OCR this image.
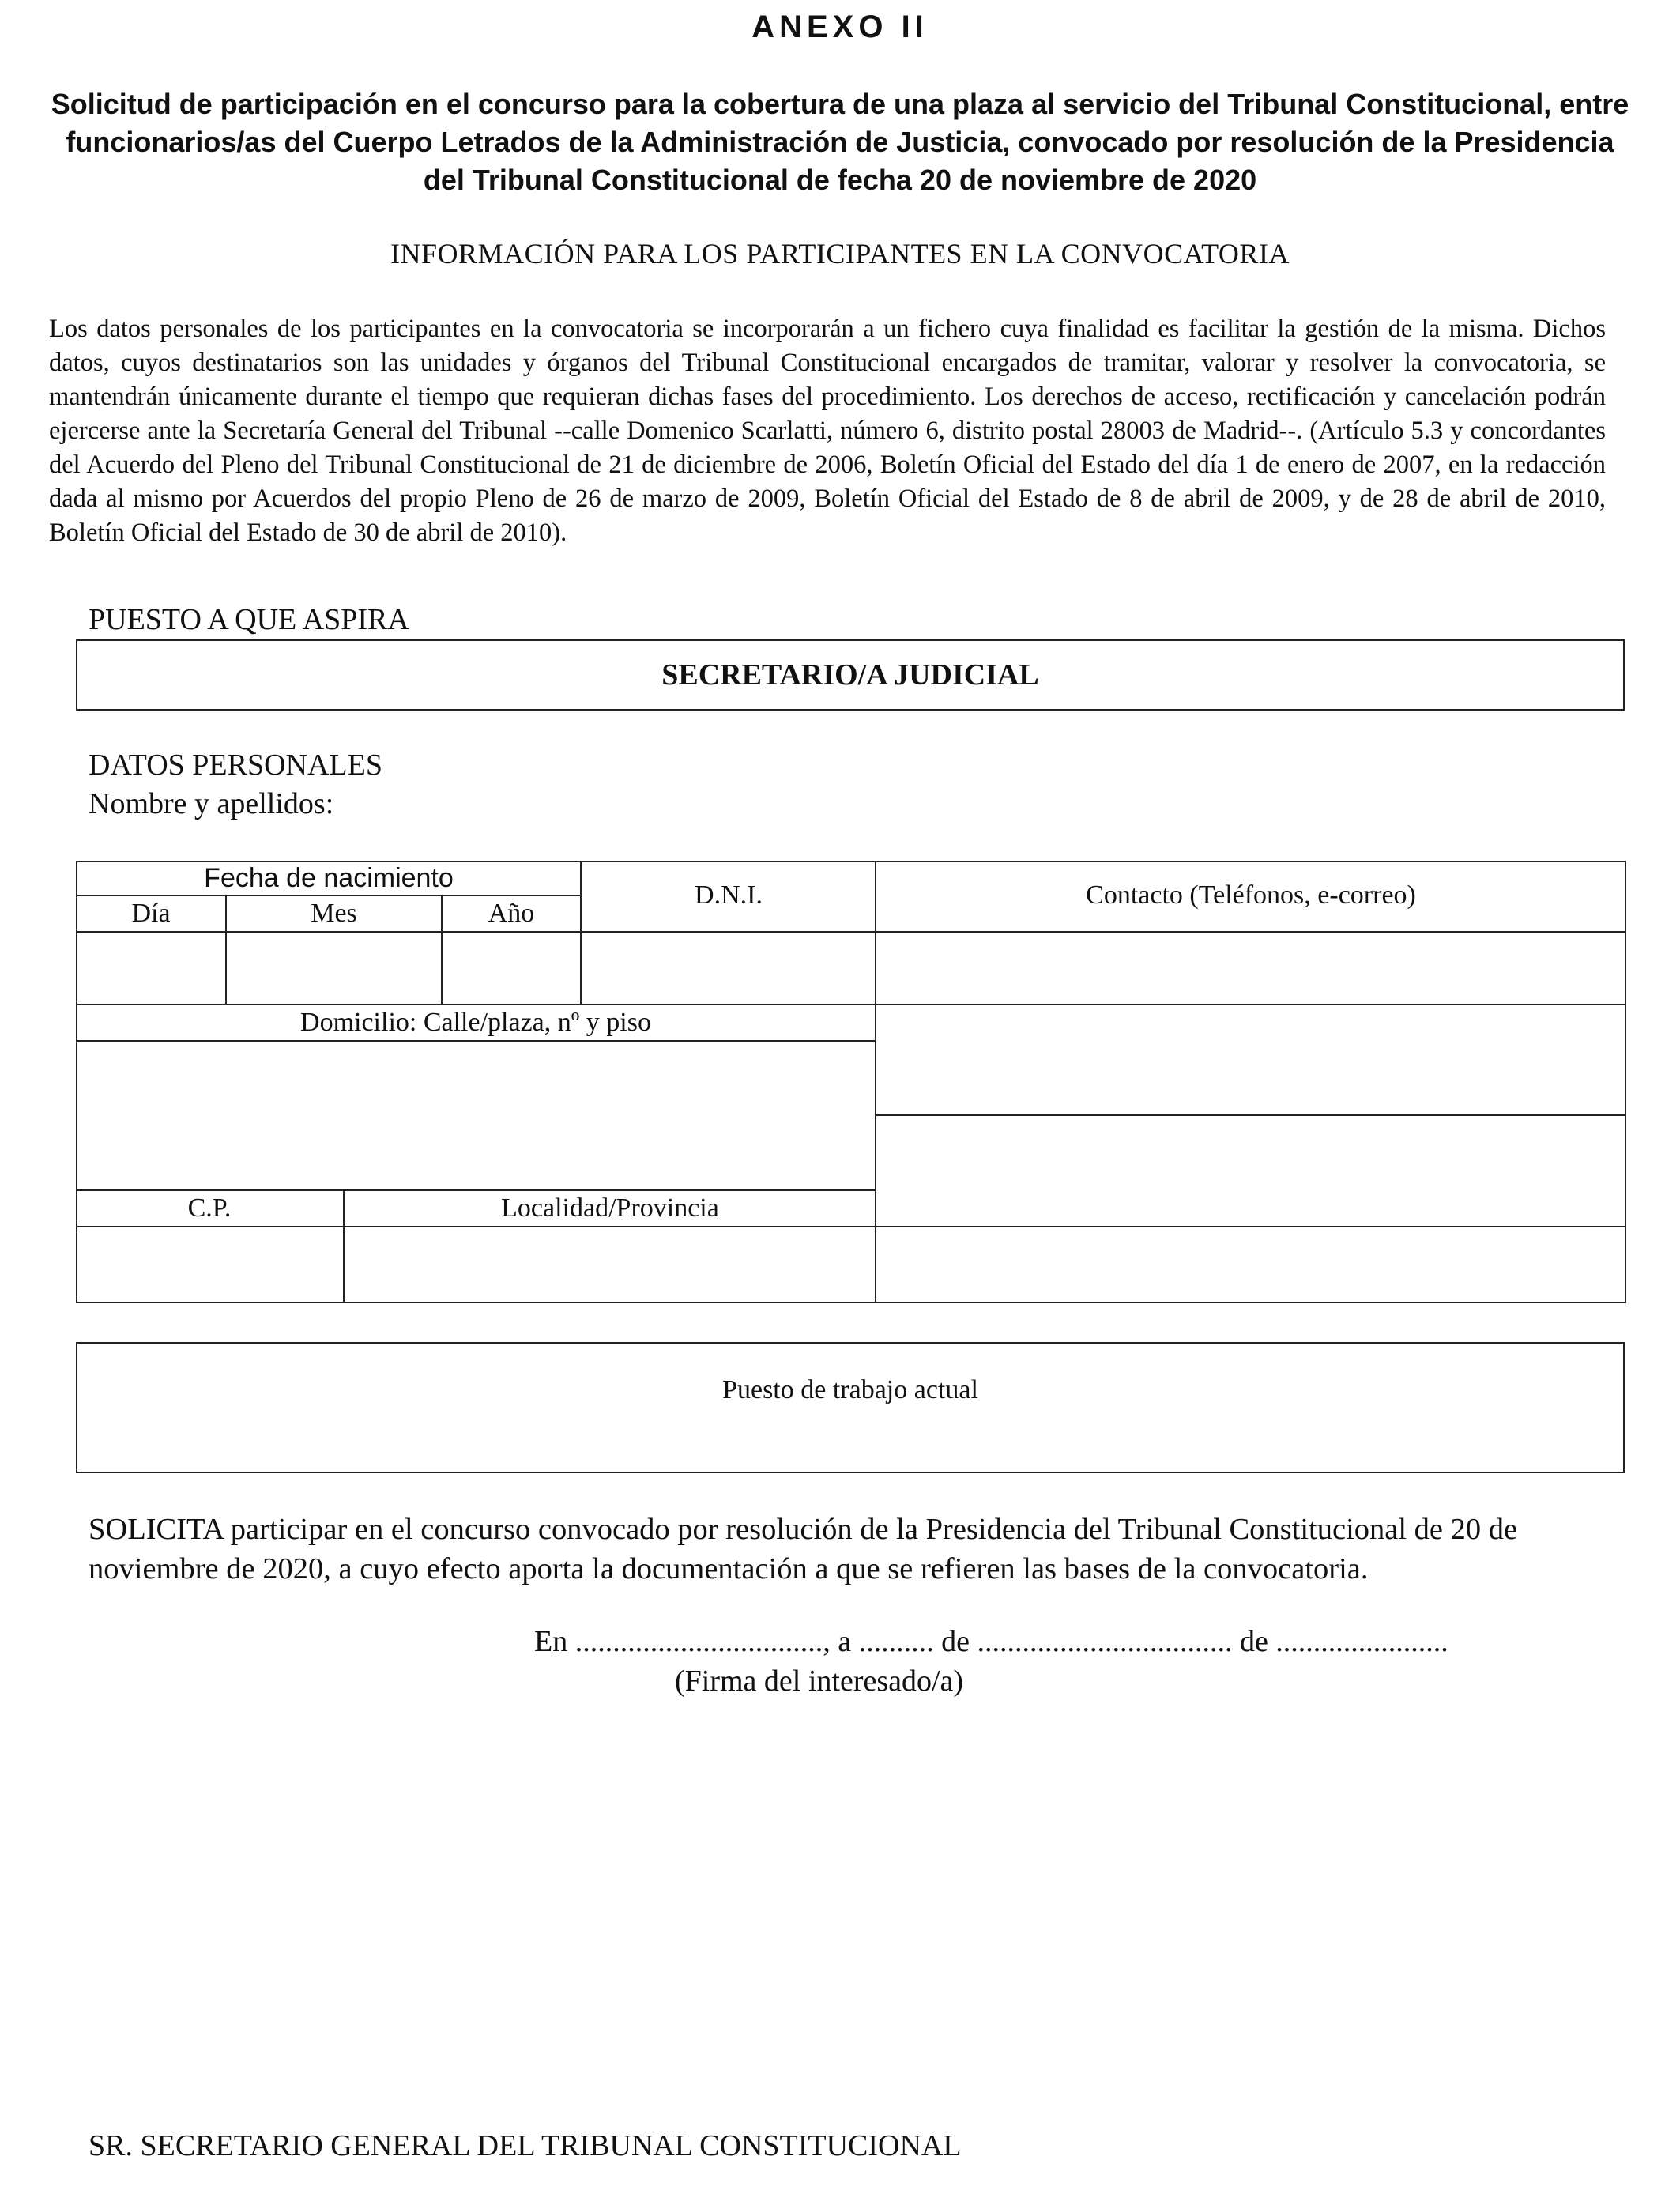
ANEXO II
Solicitud de participación en el concurso para la cobertura de una plaza al servicio del Tribunal Constitucional, entre funcionarios/as del Cuerpo Letrados de la Administración de Justicia, convocado por resolución de la Presidencia del Tribunal Constitucional de fecha 20 de noviembre de 2020
INFORMACIÓN PARA LOS PARTICIPANTES EN LA CONVOCATORIA
Los datos personales de los participantes en la convocatoria se incorporarán a un fichero cuya finalidad es facilitar la gestión de la misma. Dichos datos, cuyos destinatarios son las unidades y órganos del Tribunal Constitucional encargados de tramitar, valorar y resolver la convocatoria, se mantendrán únicamente durante el tiempo que requieran dichas fases del procedimiento. Los derechos de acceso, rectificación y cancelación podrán ejercerse ante la Secretaría General del Tribunal --calle Domenico Scarlatti, número 6, distrito postal 28003 de Madrid--. (Artículo 5.3 y concordantes del Acuerdo del Pleno del Tribunal Constitucional de 21 de diciembre de 2006, Boletín Oficial del Estado del día 1 de enero de 2007, en la redacción dada al mismo por Acuerdos del propio Pleno de 26 de marzo de 2009, Boletín Oficial del Estado de 8 de abril de 2009, y de 28 de abril de 2010, Boletín Oficial del Estado de 30 de abril de 2010).
PUESTO A QUE ASPIRA
SECRETARIO/A JUDICIAL
DATOS PERSONALES
Nombre y apellidos:
Fecha de nacimiento
Día	Mes	Año
D.N.I.	Contacto (Teléfonos, e-correo)
Domicilio: Calle/plaza, nº y piso
C.P.	Localidad/Provincia
Puesto de trabajo actual
SOLICITA participar en el concurso convocado por resolución de la Presidencia del Tribunal Constitucional de 20 de noviembre de 2020, a cuyo efecto aporta la documentación a que se refieren las bases de la convocatoria.
En ................................., a .......... de .................................. de .......................
(Firma del interesado/a)
SR. SECRETARIO GENERAL DEL TRIBUNAL CONSTITUCIONAL
